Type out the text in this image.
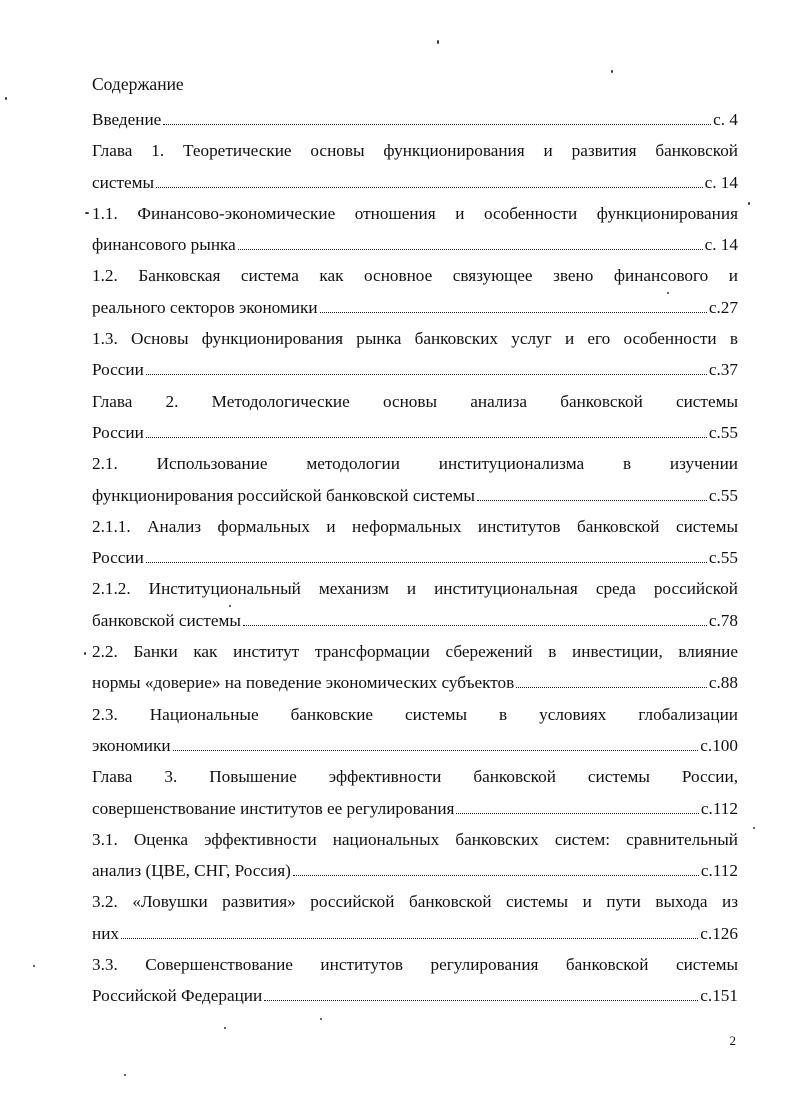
Содержание
Введение	с. 4
Глава 1. Теоретические основы функционирования и развития банковской
системы	с. 14
1.1. Финансово-экономические отношения и особенности функционирования
финансового рынка	с. 14
1.2. Банковская система как основное связующее звено финансового и
реального секторов экономики	с.27
1.3. Основы функционирования рынка банковских услуг и его особенности в
России	с.37
Глава 2. Методологические основы анализа банковской системы
России	с.55
2.1. Использование методологии институционализма в изучении
функционирования российской банковской системы	с.55
2.1.1. Анализ формальных и неформальных институтов банковской системы
России	с.55
2.1.2. Институциональный механизм и институциональная среда российской
банковской системы	с.78
2.2. Банки как институт трансформации сбережений в инвестиции, влияние
нормы «доверие» на поведение экономических субъектов	с.88
2.3. Национальные банковские системы в условиях глобализации
экономики	с.100
Глава 3. Повышение эффективности банковской системы России,
совершенствование институтов ее регулирования	с.112
3.1. Оценка эффективности национальных банковских систем: сравнительный
анализ (ЦВЕ, СНГ, Россия)	с.112
3.2. «Ловушки развития» российской банковской системы и пути выхода из
них	с.126
3.3. Совершенствование институтов регулирования банковской системы
Российской Федерации	с.151
2
